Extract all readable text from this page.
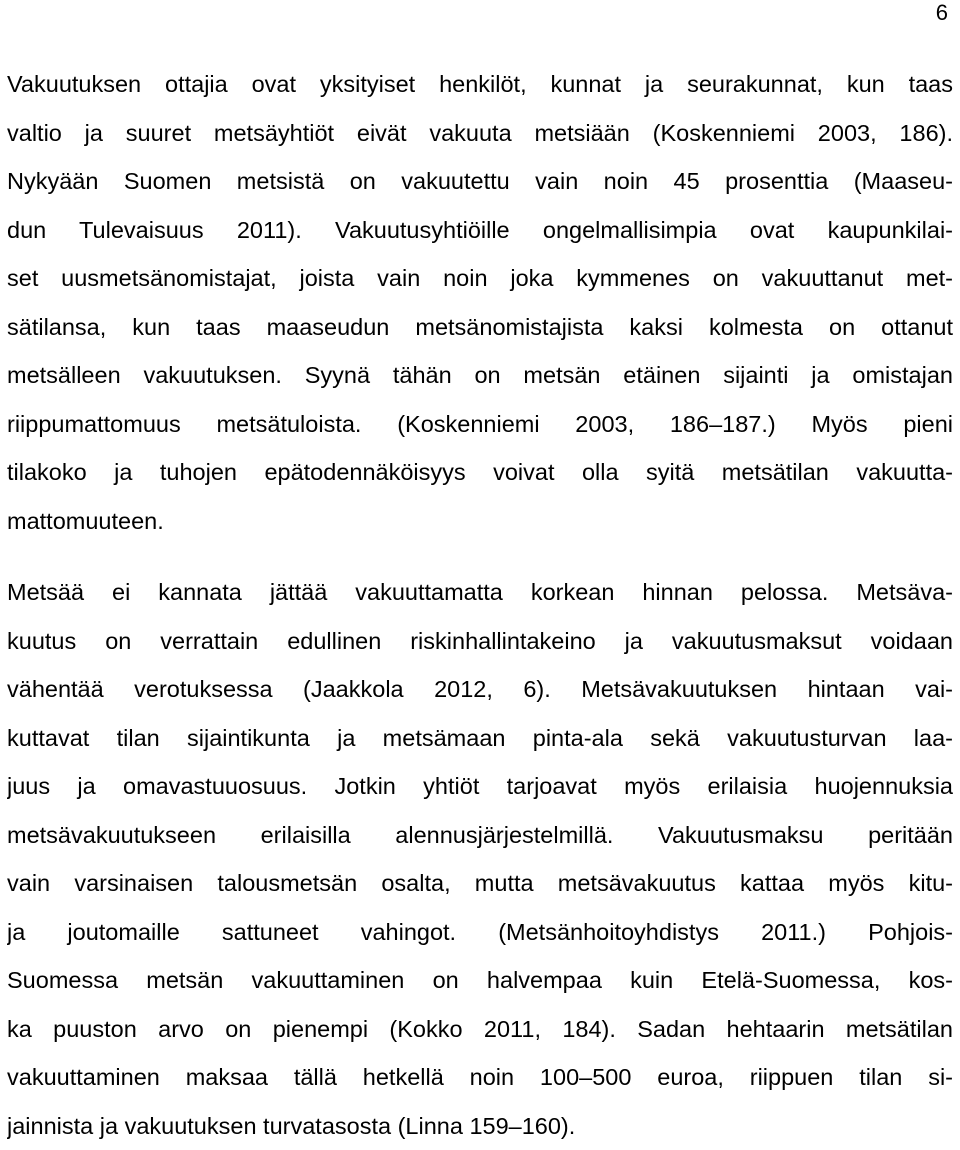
6
Vakuutuksen ottajia ovat yksityiset henkilöt, kunnat ja seurakunnat, kun taas
valtio ja suuret metsäyhtiöt eivät vakuuta metsiään (Koskenniemi 2003, 186).
Nykyään Suomen metsistä on vakuutettu vain noin 45 prosenttia (Maaseu-
dun Tulevaisuus 2011). Vakuutusyhtiöille ongelmallisimpia ovat kaupunkilai-
set uusmetsänomistajat, joista vain noin joka kymmenes on vakuuttanut met-
sätilansa, kun taas maaseudun metsänomistajista kaksi kolmesta on ottanut
metsälleen vakuutuksen. Syynä tähän on metsän etäinen sijainti ja omistajan
riippumattomuus metsätuloista. (Koskenniemi 2003, 186–187.) Myös pieni
tilakoko ja tuhojen epätodennäköisyys voivat olla syitä metsätilan vakuutta-
mattomuuteen.
Metsää ei kannata jättää vakuuttamatta korkean hinnan pelossa. Metsäva-
kuutus on verrattain edullinen riskinhallintakeino ja vakuutusmaksut voidaan
vähentää verotuksessa (Jaakkola 2012, 6). Metsävakuutuksen hintaan vai-
kuttavat tilan sijaintikunta ja metsämaan pinta-ala sekä vakuutusturvan laa-
juus ja omavastuuosuus. Jotkin yhtiöt tarjoavat myös erilaisia huojennuksia
metsävakuutukseen erilaisilla alennusjärjestelmillä. Vakuutusmaksu peritään
vain varsinaisen talousmetsän osalta, mutta metsävakuutus kattaa myös kitu-
ja joutomaille sattuneet vahingot. (Metsänhoitoyhdistys 2011.) Pohjois-
Suomessa metsän vakuuttaminen on halvempaa kuin Etelä-Suomessa, kos-
ka puuston arvo on pienempi (Kokko 2011, 184). Sadan hehtaarin metsätilan
vakuuttaminen maksaa tällä hetkellä noin 100–500 euroa, riippuen tilan si-
jainnista ja vakuutuksen turvatasosta (Linna 159–160).
